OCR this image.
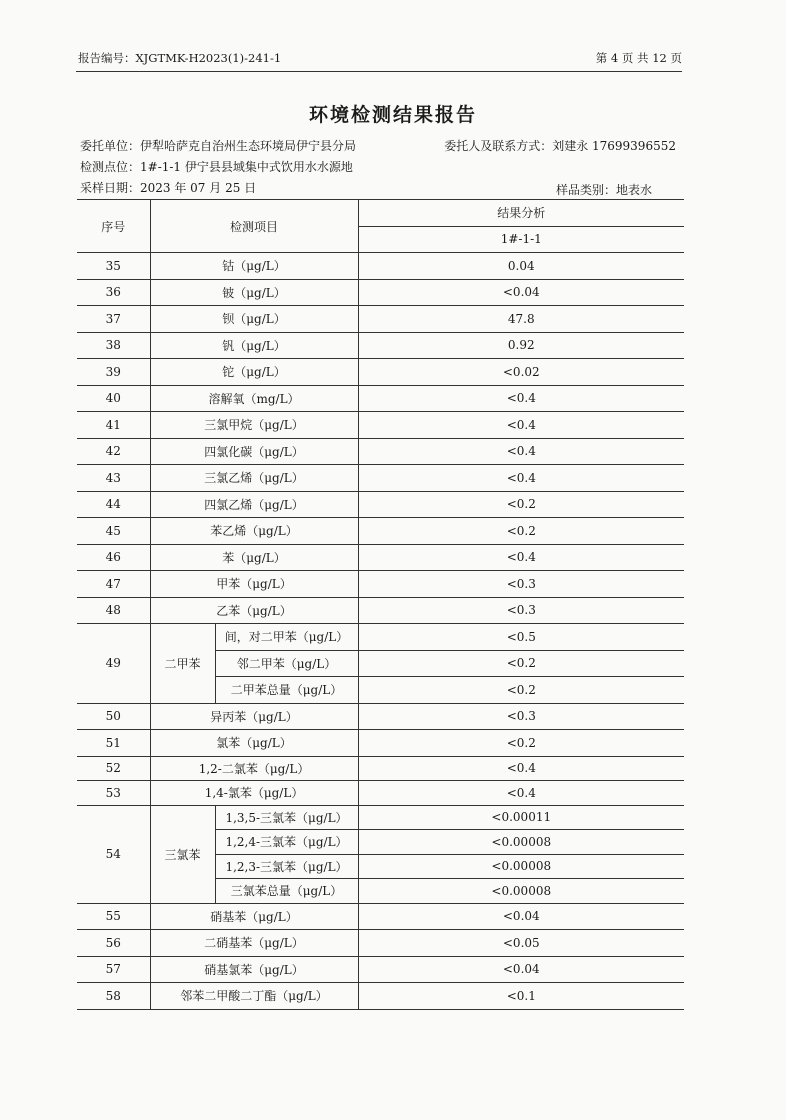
报告编号：XJGTMK-H2023(1)-241-1	第 4 页 共 12 页
环境检测结果报告
委托单位：伊犁哈萨克自治州生态环境局伊宁县分局	委托人及联系方式：刘建永 17699396552
检测点位：1#-1-1 伊宁县县域集中式饮用水水源地
采样日期：2023 年 07 月 25 日	样品类别：地表水
序号	检测项目		结果分析
			1#-1-1
35	钴（μg/L）		0.04
36	铍（μg/L）		<0.04
37	钡（μg/L）		47.8
38	钒（μg/L）		0.92
39	铊（μg/L）		<0.02
40	溶解氧（mg/L）		<0.4
41	三氯甲烷（μg/L）		<0.4
42	四氯化碳（μg/L）		<0.4
43	三氯乙烯（μg/L）		<0.4
44	四氯乙烯（μg/L）		<0.2
45	苯乙烯（μg/L）		<0.2
46	苯（μg/L）		<0.4
47	甲苯（μg/L）		<0.3
48	乙苯（μg/L）		<0.3
49	二甲苯	间，对二甲苯（μg/L）	<0.5
		邻二甲苯（μg/L）	<0.2
		二甲苯总量（μg/L）	<0.2
50	异丙苯（μg/L）		<0.3
51	氯苯（μg/L）		<0.2
52	1,2-二氯苯（μg/L）		<0.4
53	1,4-氯苯（μg/L）		<0.4
54	三氯苯	1,3,5-三氯苯（μg/L）	<0.00011
		1,2,4-三氯苯（μg/L）	<0.00008
		1,2,3-三氯苯（μg/L）	<0.00008
		三氯苯总量（μg/L）	<0.00008
55	硝基苯（μg/L）		<0.04
56	二硝基苯（μg/L）		<0.05
57	硝基氯苯（μg/L）		<0.04
58	邻苯二甲酸二丁酯（μg/L）		<0.1
